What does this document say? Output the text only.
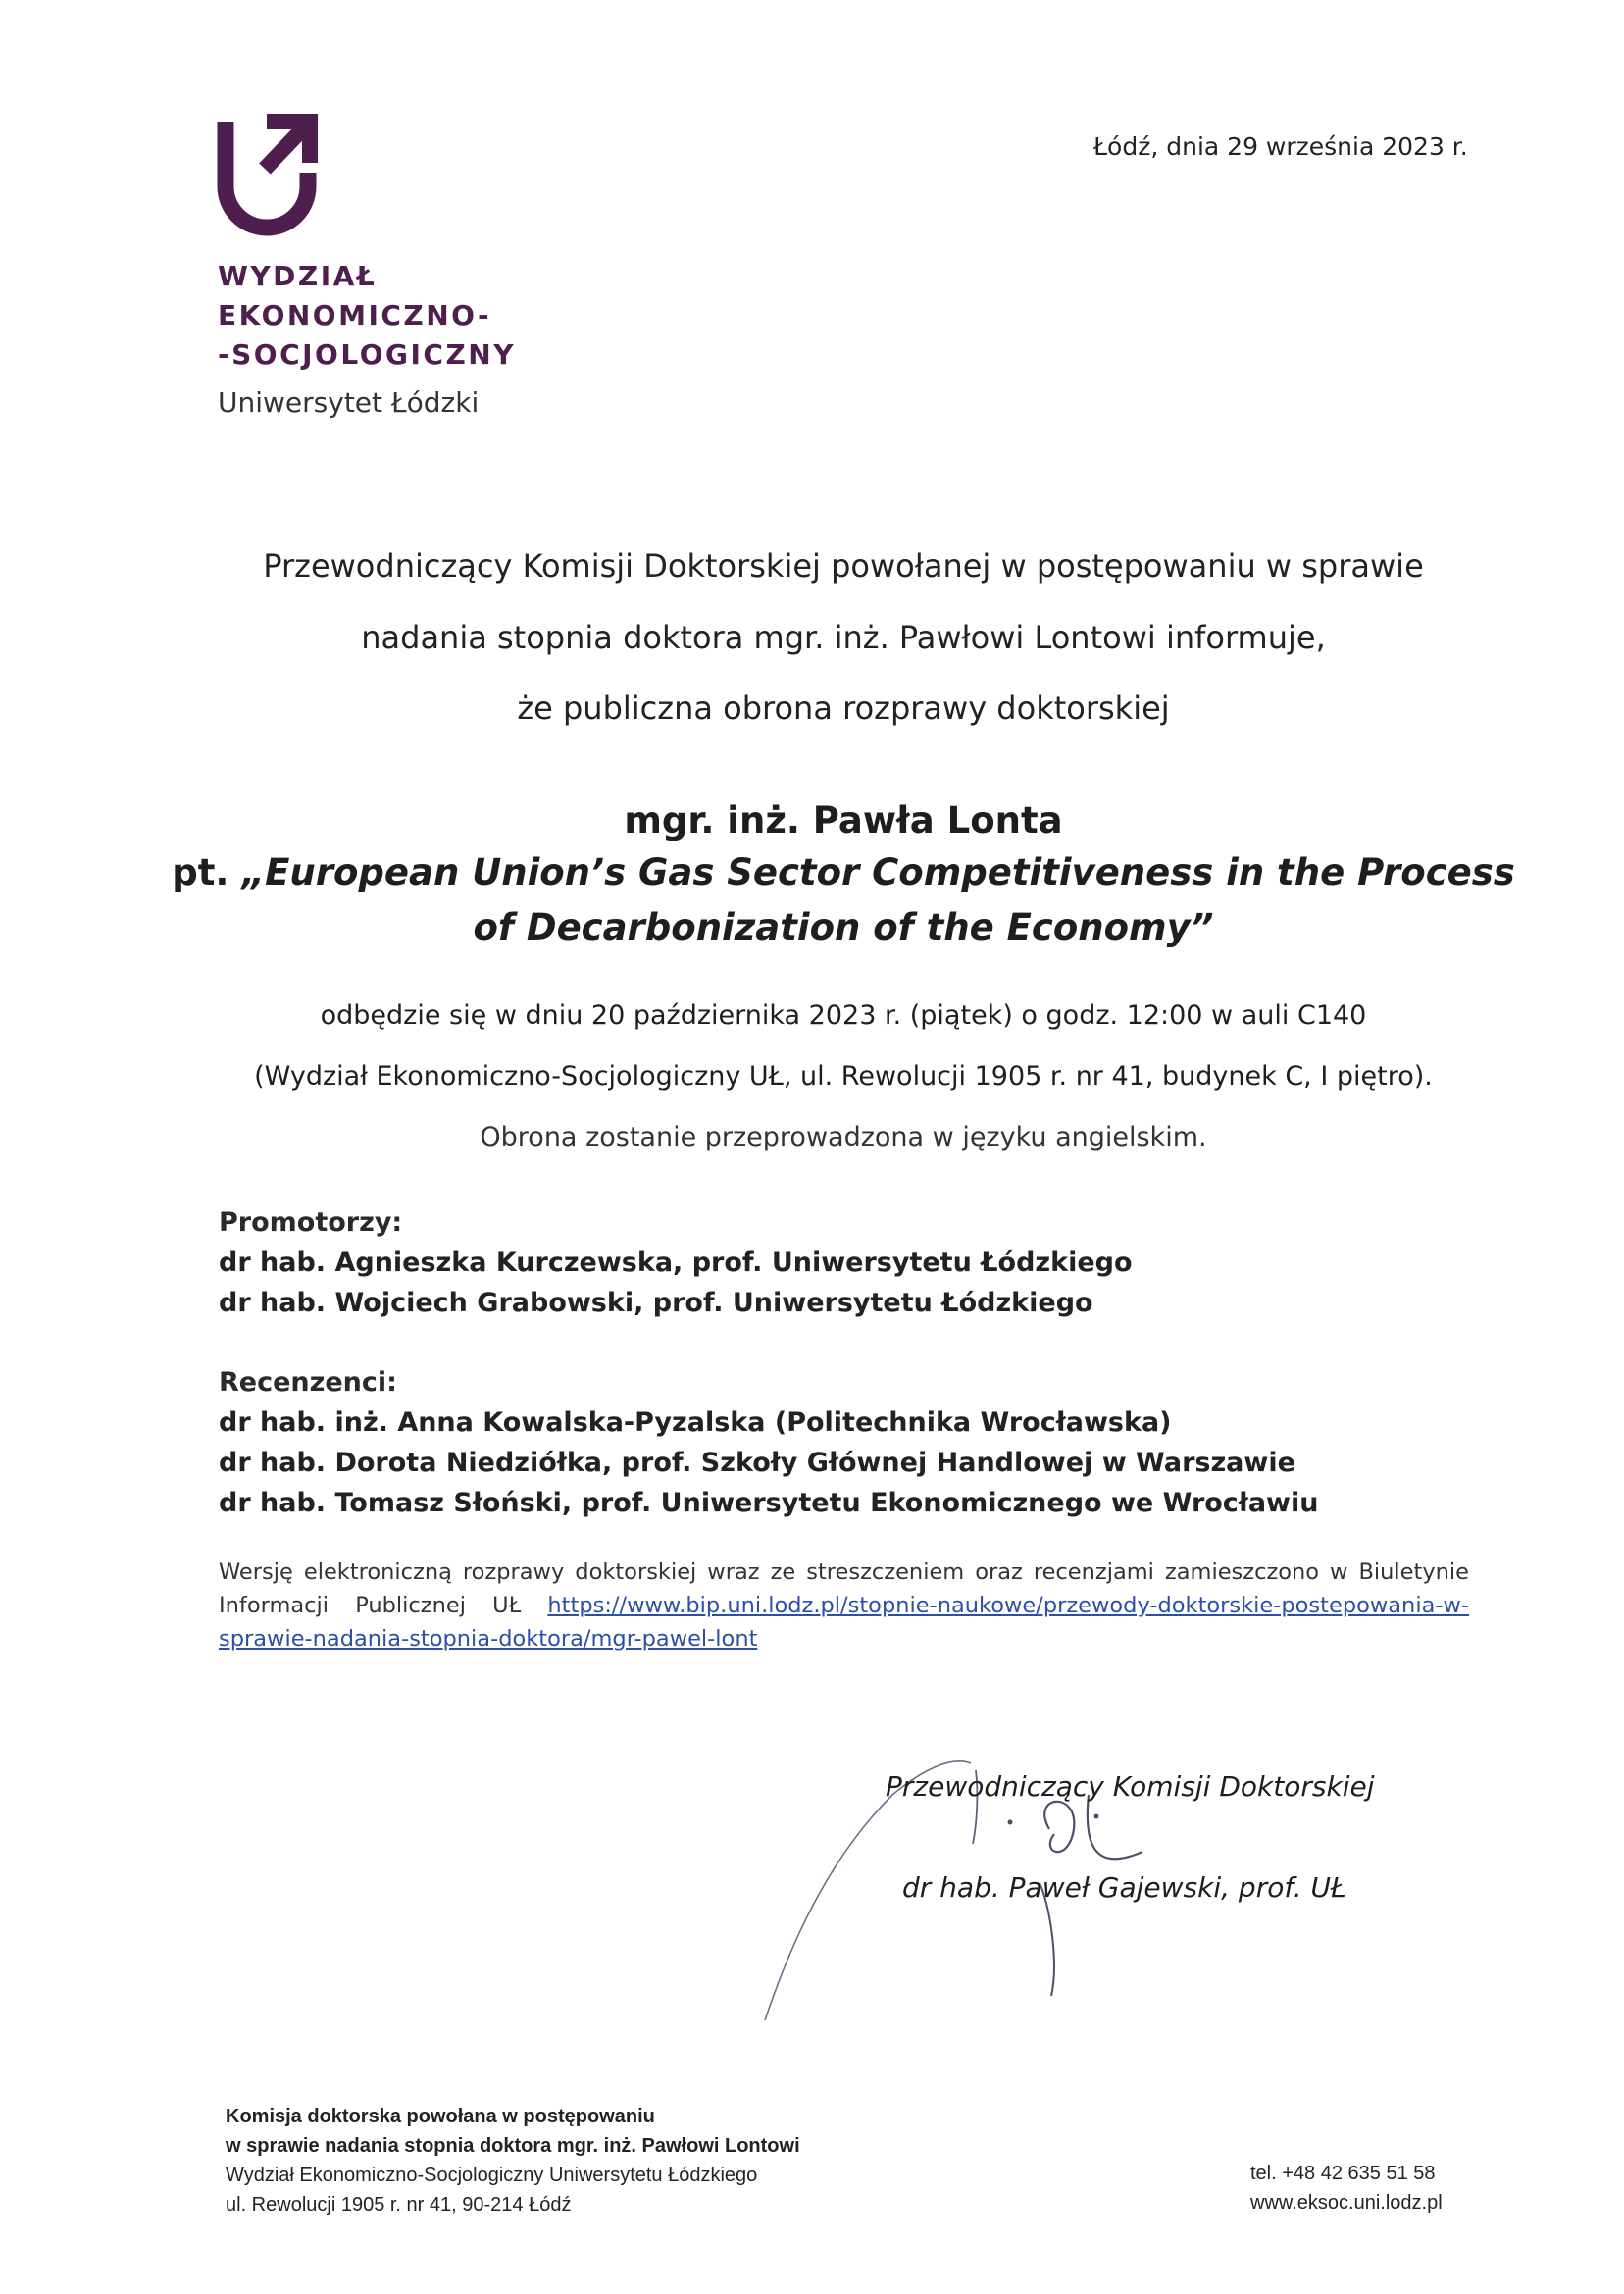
WYDZIAŁ
EKONOMICZNO-
-SOCJOLOGICZNY
Uniwersytet Łódzki
Łódź, dnia 29 września 2023 r.
Przewodniczący Komisji Doktorskiej powołanej w postępowaniu w sprawie
nadania stopnia doktora mgr. inż. Pawłowi Lontowi informuje,
że publiczna obrona rozprawy doktorskiej
mgr. inż. Pawła Lonta
pt. „European Union’s Gas Sector Competitiveness in the Process
of Decarbonization of the Economy”
odbędzie się w dniu 20 października 2023 r. (piątek) o godz. 12:00 w auli C140
(Wydział Ekonomiczno-Socjologiczny UŁ, ul. Rewolucji 1905 r. nr 41, budynek C, I piętro).
Obrona zostanie przeprowadzona w języku angielskim.
Promotorzy:
dr hab. Agnieszka Kurczewska, prof. Uniwersytetu Łódzkiego
dr hab. Wojciech Grabowski, prof. Uniwersytetu Łódzkiego
Recenzenci:
dr hab. inż. Anna Kowalska-Pyzalska (Politechnika Wrocławska)
dr hab. Dorota Niedziółka, prof. Szkoły Głównej Handlowej w Warszawie
dr hab. Tomasz Słoński, prof. Uniwersytetu Ekonomicznego we Wrocławiu
Wersję elektroniczną rozprawy doktorskiej wraz ze streszczeniem oraz recenzjami zamieszczono w Biuletynie Informacji Publicznej UŁ https://www.bip.uni.lodz.pl/stopnie-naukowe/przewody-doktorskie-postepowania-w-sprawie-nadania-stopnia-doktora/mgr-pawel-lont
Przewodniczący Komisji Doktorskiej
dr hab. Paweł Gajewski, prof. UŁ
Komisja doktorska powołana w postępowaniu
w sprawie nadania stopnia doktora mgr. inż. Pawłowi Lontowi
Wydział Ekonomiczno-Socjologiczny Uniwersytetu Łódzkiego
ul. Rewolucji 1905 r. nr 41, 90-214 Łódź
tel. +48 42 635 51 58
www.eksoc.uni.lodz.pl
